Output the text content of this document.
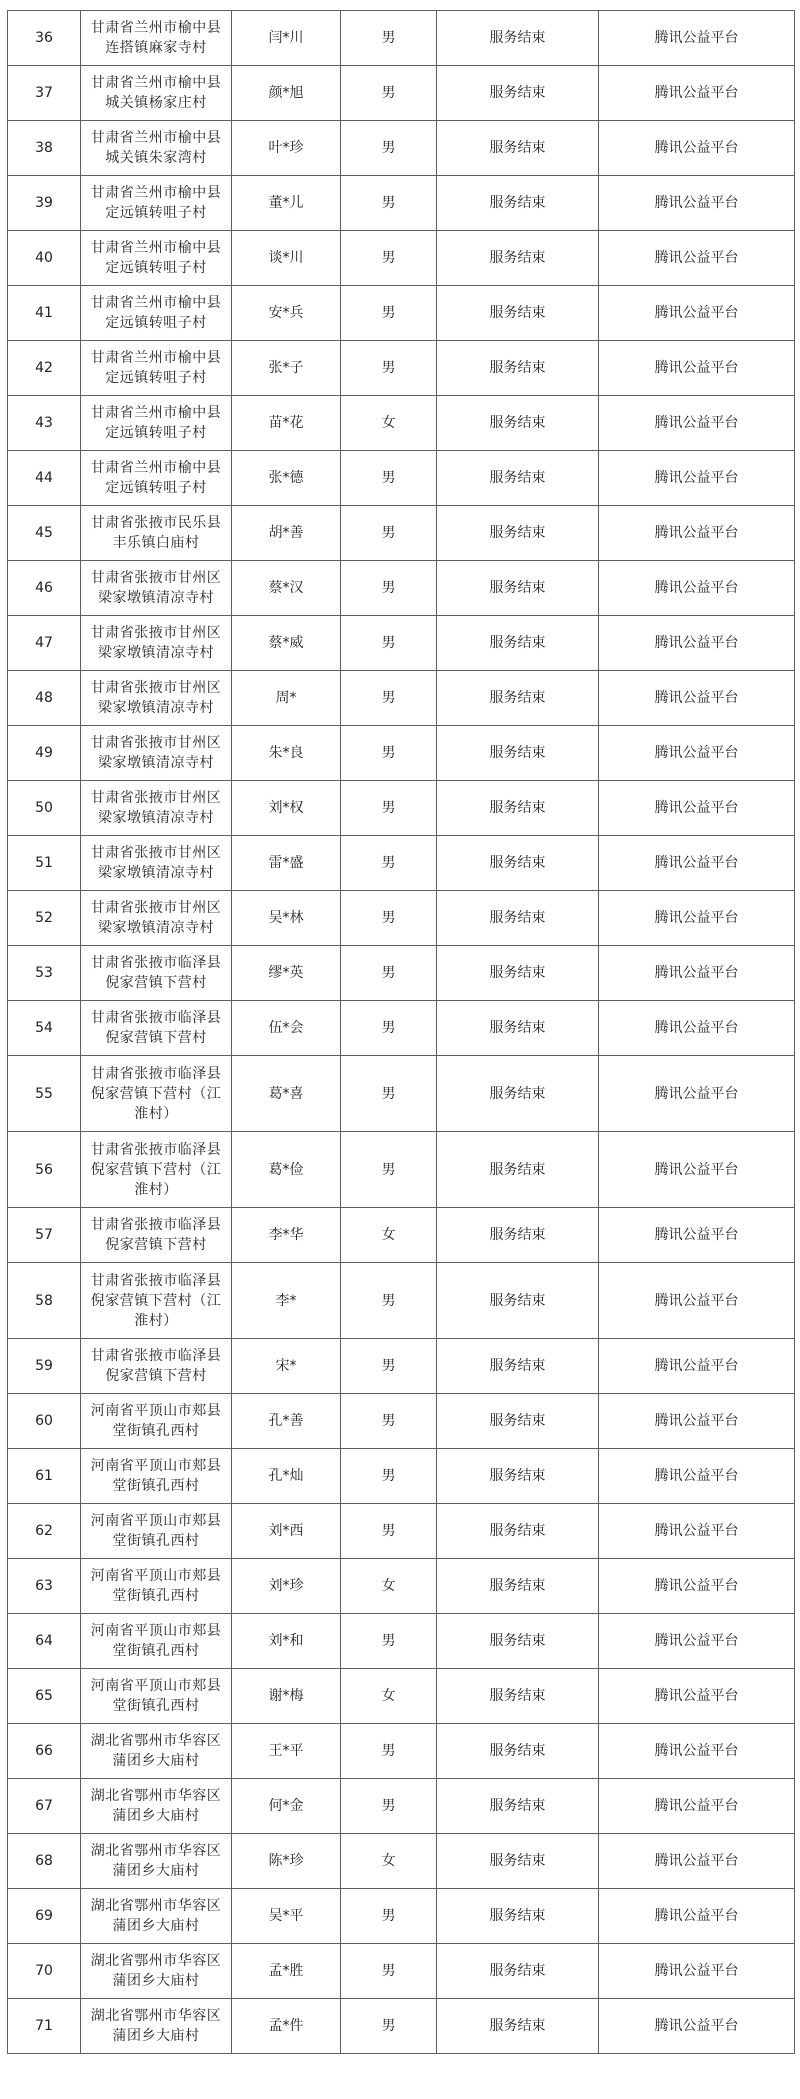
36	甘肃省兰州市榆中县连搭镇麻家寺村	闫*川	男	服务结束	腾讯公益平台
37	甘肃省兰州市榆中县城关镇杨家庄村	颜*旭	男	服务结束	腾讯公益平台
38	甘肃省兰州市榆中县城关镇朱家湾村	叶*珍	男	服务结束	腾讯公益平台
39	甘肃省兰州市榆中县定远镇转咀子村	董*儿	男	服务结束	腾讯公益平台
40	甘肃省兰州市榆中县定远镇转咀子村	谈*川	男	服务结束	腾讯公益平台
41	甘肃省兰州市榆中县定远镇转咀子村	安*兵	男	服务结束	腾讯公益平台
42	甘肃省兰州市榆中县定远镇转咀子村	张*子	男	服务结束	腾讯公益平台
43	甘肃省兰州市榆中县定远镇转咀子村	苗*花	女	服务结束	腾讯公益平台
44	甘肃省兰州市榆中县定远镇转咀子村	张*德	男	服务结束	腾讯公益平台
45	甘肃省张掖市民乐县丰乐镇白庙村	胡*善	男	服务结束	腾讯公益平台
46	甘肃省张掖市甘州区梁家墩镇清凉寺村	蔡*汉	男	服务结束	腾讯公益平台
47	甘肃省张掖市甘州区梁家墩镇清凉寺村	蔡*威	男	服务结束	腾讯公益平台
48	甘肃省张掖市甘州区梁家墩镇清凉寺村	周*	男	服务结束	腾讯公益平台
49	甘肃省张掖市甘州区梁家墩镇清凉寺村	朱*良	男	服务结束	腾讯公益平台
50	甘肃省张掖市甘州区梁家墩镇清凉寺村	刘*权	男	服务结束	腾讯公益平台
51	甘肃省张掖市甘州区梁家墩镇清凉寺村	雷*盛	男	服务结束	腾讯公益平台
52	甘肃省张掖市甘州区梁家墩镇清凉寺村	吴*林	男	服务结束	腾讯公益平台
53	甘肃省张掖市临泽县倪家营镇下营村	缪*英	男	服务结束	腾讯公益平台
54	甘肃省张掖市临泽县倪家营镇下营村	伍*会	男	服务结束	腾讯公益平台
55	甘肃省张掖市临泽县倪家营镇下营村（江淮村）	葛*喜	男	服务结束	腾讯公益平台
56	甘肃省张掖市临泽县倪家营镇下营村（江淮村）	葛*俭	男	服务结束	腾讯公益平台
57	甘肃省张掖市临泽县倪家营镇下营村	李*华	女	服务结束	腾讯公益平台
58	甘肃省张掖市临泽县倪家营镇下营村（江淮村）	李*	男	服务结束	腾讯公益平台
59	甘肃省张掖市临泽县倪家营镇下营村	宋*	男	服务结束	腾讯公益平台
60	河南省平顶山市郏县堂街镇孔西村	孔*善	男	服务结束	腾讯公益平台
61	河南省平顶山市郏县堂街镇孔西村	孔*灿	男	服务结束	腾讯公益平台
62	河南省平顶山市郏县堂街镇孔西村	刘*西	男	服务结束	腾讯公益平台
63	河南省平顶山市郏县堂街镇孔西村	刘*珍	女	服务结束	腾讯公益平台
64	河南省平顶山市郏县堂街镇孔西村	刘*和	男	服务结束	腾讯公益平台
65	河南省平顶山市郏县堂街镇孔西村	谢*梅	女	服务结束	腾讯公益平台
66	湖北省鄂州市华容区蒲团乡大庙村	王*平	男	服务结束	腾讯公益平台
67	湖北省鄂州市华容区蒲团乡大庙村	何*金	男	服务结束	腾讯公益平台
68	湖北省鄂州市华容区蒲团乡大庙村	陈*珍	女	服务结束	腾讯公益平台
69	湖北省鄂州市华容区蒲团乡大庙村	吴*平	男	服务结束	腾讯公益平台
70	湖北省鄂州市华容区蒲团乡大庙村	孟*胜	男	服务结束	腾讯公益平台
71	湖北省鄂州市华容区蒲团乡大庙村	孟*件	男	服务结束	腾讯公益平台
